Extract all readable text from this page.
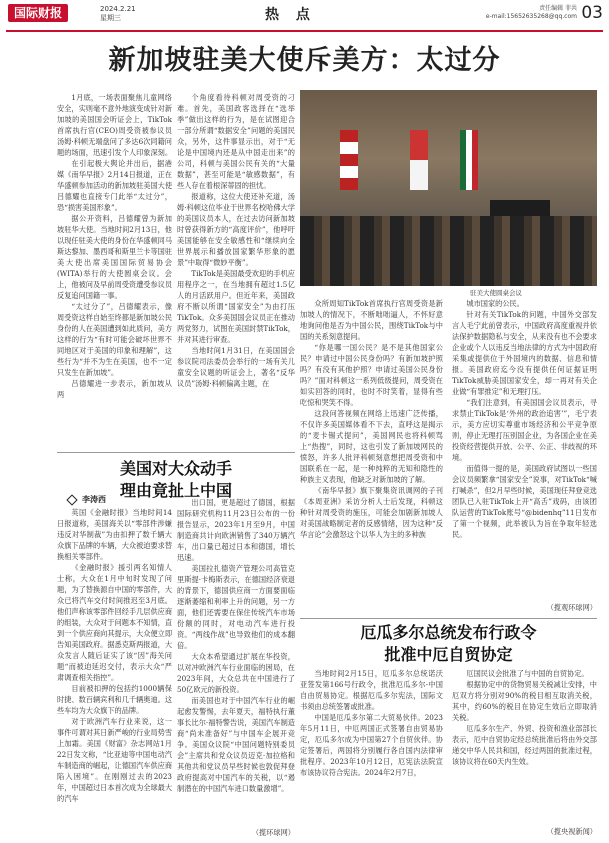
国际财报	2024.2.21
星期三	热 点	责任编辑 菲共
e-mail:15652635268@qq.com 03
新加坡驻美大使斥美方：太过分

1月底，一场表面聚焦儿童网络安全，实则毫不意外地演变成针对新加坡的美国国会听证会上，TikTok首席执行官(CEO)周受资被参议员汤姆·科顿无端盘问了多达6次同籍问题的场面，迅速引发个人印象深刻。

在引起极大舆论并出后，据港媒《南华早报》2月14日报道，正在华盛顿参加活动的新加坡驻美国大使吕德耀也直接专门此举“太过分”，恐“损害美国形象”。

据公开资料，吕德耀曾为新加坡驻华大使。当地时间2月13日，他以现任驻美大使的身份在华盛顿同马斯达黎加、墨西哥和斯里兰卡等国驻美大使出席美国国际贸易协会(WITA)举行的大使圆桌会议。会上，他被问及早前周受资遭受参议员反复追问国籍一事。

“太过分了”，吕德耀表示，像周受资这样自始至终都是新加坡公民身份的人在美国遭到如此质问，美方这样的行为“有时可能会破坏世界不同地区对于美国的印象和理解”，这些行为“并不为生在美国，也不一定只发生在新加坡”。

吕德耀进一步表示，新加坡从两

个角度看待科顿对周受资的刁难。首先，美国政客选择在“选举季”做出这样的行为，是在试图迎合一部分所谓“数据安全”问题的美国民众，另外，这件事显示出，对于“无论是中国境内还是从中国走出来”的公司，科顿与美国公民有关的“大量数据”，甚至可能是“敏感数据”，有些人存在着根深蒂固的担忧。

报道称，这位大使还补充道，汤姆·科顿这位毕业于世界名校哈佛大学的美国议员本人，在过去访问新加坡时曾获得新方的“高度评价”，他呼吁美国能够在安全敏感性和“继续向全世界展示和播放国家繁华形象的愿景”中取得“微妙平衡”。

TikTok是美国最受欢迎的手机应用程序之一，在当地拥有超过1.5亿人的月活跃用户。但近年来，美国政府不断以所谓“国家安全”为由打压TikTok。众多美国国会议员正在推动两党努力，试图在美国封禁TikTok，并对其进行审查。

当地时间1月31日，在美国国会参议院司法委员会举行的一场有关儿童安全议题的听证会上，著名“反华议员”汤姆·科顿偏离主题，在

驻美大使圆桌会议

众所周知TikTok首席执行官周受资是新加坡人的情况下，不断咄咄逼人，不怀好意地询问他是否为中国公民，围绕TikTok与中国的关系刻意提问。

“你是哪一国公民？是不是其他国家公民？申请过中国公民身份吗？有新加坡护照吗？有没有其他护照？申请过美国公民身份吗？”面对科顿这一系列低级提问，周受资在如实回答的同时，也时不时笑着，显得有些吃惊和哭笑不得。

这段问答视频在网络上迅速广泛传播，不仅许多美国媒体看不下去，直呼这是揭示的“麦卡锡式提问”，美国网民也将科顿骂上“热搜”，同时，这也引发了新加坡网民的愤怒，许多人批评科顿刻意想把周受资和中国联系在一起，是一种纯粹的无知和隐性的种族主义表现，他缺乏对新加坡的了解。

《南华早报》旗下聚集资讯调网的子刊《本周亚洲》采访分析人士后发现，科顿这种针对周受资的施压，可能会加剧新加坡人对美国战略制定者的反感情绪，因为这种“反华言论”会激怒这个以华人为主的多种族

城市国家的公民。

针对有关TikTok的问题，中国外交部发言人毛宁此前曾表示，中国政府高度重视并依法保护数据隐私与安全，从来没有也不会要求企业或个人以违反当地法律的方式为中国政府采集或提供位于外国境内的数据、信息和情报。美国政府迄今没有提供任何证据证明TikTok威胁美国国家安全，却一再对有关企业做“有罪推定”和无理打压。

“我们注意到，有美国国会议员表示，寻求禁止TikTok是‘外州的政治追害’”，毛宁表示，美方应切实尊重市场经济和公平竞争原则，停止无理打压别国企业，为各国企业在美投资经营提供开放、公平、公正、非歧视的环境。

而值得一提的是，美国政府试图以一些国会议员频繁拿“国家安全”说事，对TikTok“喊打喊杀”，但2月早些时候，美国现任拜登竞选团队已入驻TikTok上开“高舌”戏码，由该团队运营的TikTok账号“@bidenhq”11日发布了第一个视频，此举被认为旨在争取年轻选民。

（揽观环球网）
美国对大众动手
理由竟扯上中国
李涛西

英国《金融时报》当地时间14日报道称，美国海关以“零部件涉嫌违反对华制裁”为由扣押了数千辆大众旗下品牌的车辆，大众被迫要求替换相关零部件。

《金融时报》援引两名知情人士称，大众在1月中旬时发现了问题，为了替换源自中国的零部件，大众已将汽车交付时间推迟至3月底。他们声称该零部件回经手几层供应商的组装，大众对于问题本不知情，直到一个供应商向其提示，大众便立即告知美国政府。据悉克斯两报道，大众发言人随后证实了该“因”海关问题“而被迫延迟交付，表示大众“严肃调查相关指控”。

目前被扣押的包括约1000辆保时捷、数百辆宾利和几千辆奥迪。这些车均为大众旗下的品牌。

对于欧洲汽车行业来说，这一事件可谓对其日新严峻的行业局势雪上加霜。美国《财富》杂志网站1月22日发文称，“比亚迪等中国电动汽车制造商的崛起，让德国汽车供应商陷入困境”。在刚刚过去的2023年，中国超过日本首次成为全球最大的汽车

出口国，更是超过了德国，根据国际研究机构11月23日公布的一份报告显示，2023年1月至9月，中国制造商共计向欧洲销售了340万辆汽车，出口量已超过日本和德国，增长迅速。

美国拉扎德资产管理公司高管克里斯提·卡梅斯表示，在德国经济衰退的背景下，德国供应商一方面要面临逐渐萎缩和利率上升的问题，另一方面，他们还需要在保住传统汽车市场份额的同时，对电动汽车进行投资。“两线作战”也导致他们的成本翻倍。

大众本希望通过扩展在华投资，以对冲欧洲汽车行业面临的困局，在2023年间，大众总共在中国进行了50亿欧元的新投资。

而美国也对于中国汽车行业的崛起愈发警惕，去年夏天，福特执行董事长比尔·福特警告说，美国汽车制造商“尚未准备好”与中国车企展开竞争。美国众议院“中国问题特别委员会”主席共和党众议员迈克·加拉格和其他共和党议员早些时候也敦促拜登政府提高对中国汽车的关税，以“遏制潜在的中国汽车进口数量激增”。

（揽环球网）
厄瓜多尔总统发布行政令
批准中厄自贸协定

当地时间2月15日，厄瓜多尔总统诺沃亚签发第166号行政令，批准厄瓜多尔-中国自由贸易协定。根据厄瓜多尔宪法，国际文书须由总统签署或批准。

中国是厄瓜多尔第二大贸易伙伴。2023年5月11日，中厄两国正式签署自由贸易协定，厄瓜多尔成为中国第27个自贸伙伴。协定签署后，两国将分别履行各自国内法律审批程序。2023年10月12日，厄宪法法院宣布该协议符合宪法。2024年2月7日，

厄国民议会批准了与中国的自贸协定。

根据协定中的货物贸易关税减让安排，中厄双方将分别对90%的税目相互取消关税，其中，约60%的税目在协定生效后立即取消关税。

厄瓜多尔生产、外贸、投资和渔业部部长表示，厄中自贸协定经总统批准后将由外交部递交中华人民共和国，经过两国的批准过程，该协议将在60天内生效。

（揽央视新闻）
